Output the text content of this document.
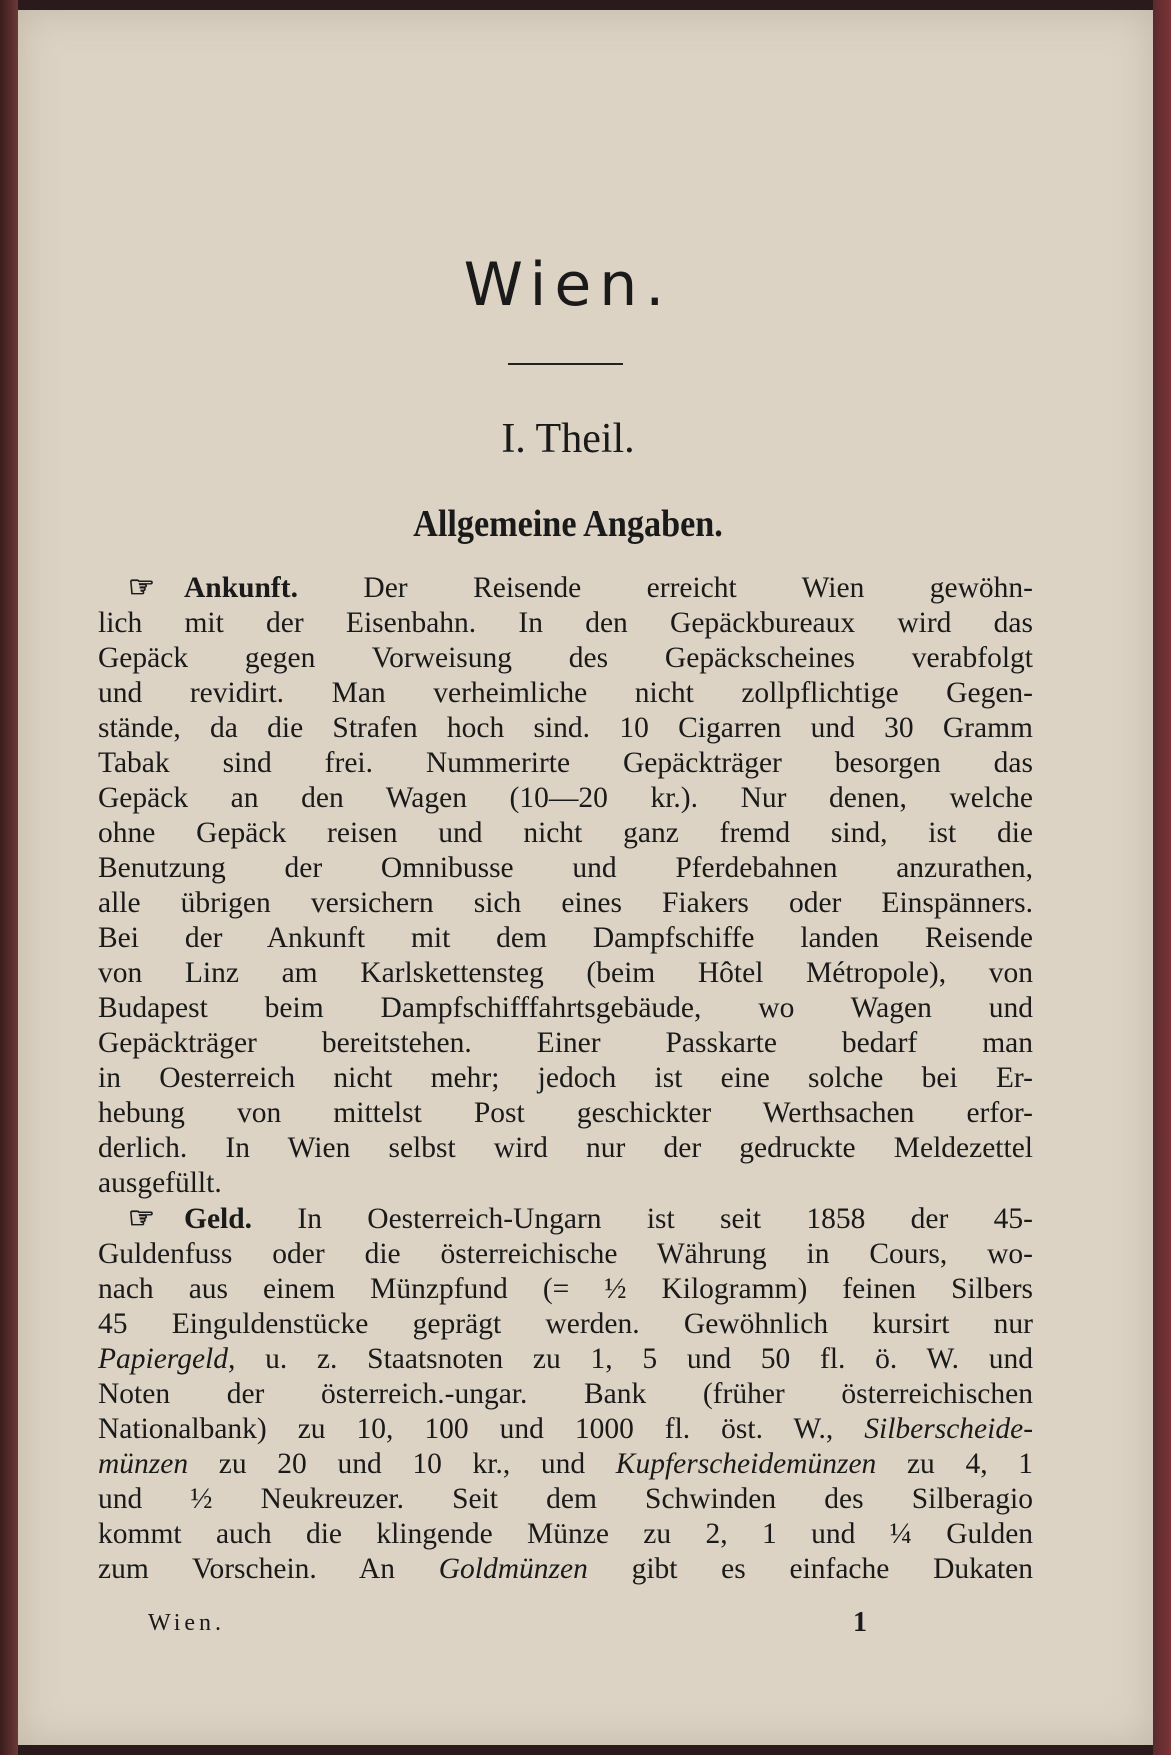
Wien.
I. Theil.
Allgemeine Angaben.
☞ Ankunft. Der Reisende erreicht Wien gewöhn-
lich mit der Eisenbahn. In den Gepäckbureaux wird das
Gepäck gegen Vorweisung des Gepäckscheines verabfolgt
und revidirt. Man verheimliche nicht zollpflichtige Gegen-
stände, da die Strafen hoch sind. 10 Cigarren und 30 Gramm
Tabak sind frei. Nummerirte Gepäckträger besorgen das
Gepäck an den Wagen (10—20 kr.). Nur denen, welche
ohne Gepäck reisen und nicht ganz fremd sind, ist die
Benutzung der Omnibusse und Pferdebahnen anzurathen,
alle übrigen versichern sich eines Fiakers oder Einspänners.
Bei der Ankunft mit dem Dampfschiffe landen Reisende
von Linz am Karlskettensteg (beim Hôtel Métropole), von
Budapest beim Dampfschifffahrtsgebäude, wo Wagen und
Gepäckträger bereitstehen. Einer Passkarte bedarf man
in Oesterreich nicht mehr; jedoch ist eine solche bei Er-
hebung von mittelst Post geschickter Werthsachen erfor-
derlich. In Wien selbst wird nur der gedruckte Meldezettel
ausgefüllt.
☞ Geld. In Oesterreich-Ungarn ist seit 1858 der 45-
Guldenfuss oder die österreichische Währung in Cours, wo-
nach aus einem Münzpfund (= ½ Kilogramm) feinen Silbers
45 Einguldenstücke geprägt werden. Gewöhnlich kursirt nur
Papiergeld, u. z. Staatsnoten zu 1, 5 und 50 fl. ö. W. und
Noten der österreich.-ungar. Bank (früher österreichischen
Nationalbank) zu 10, 100 und 1000 fl. öst. W., Silberscheide-
münzen zu 20 und 10 kr., und Kupferscheidemünzen zu 4, 1
und ½ Neukreuzer. Seit dem Schwinden des Silberagio
kommt auch die klingende Münze zu 2, 1 und ¼ Gulden
zum Vorschein. An Goldmünzen gibt es einfache Dukaten
Wien.	1
